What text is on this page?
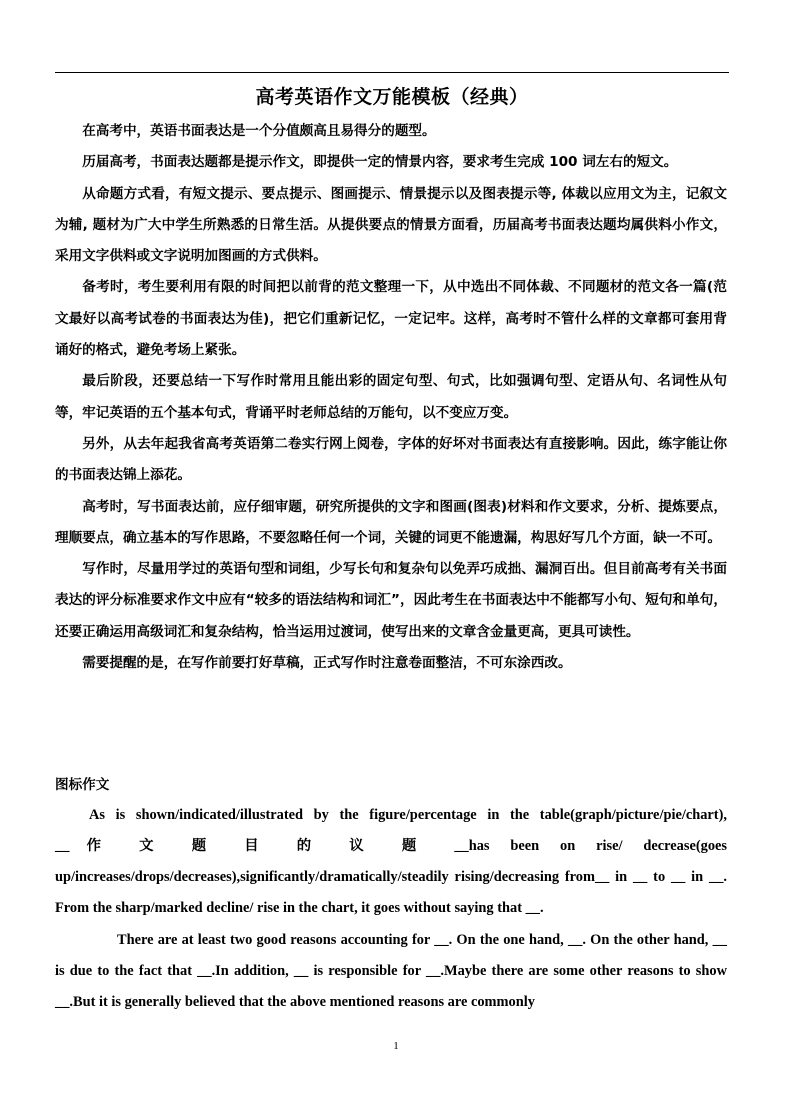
高考英语作文万能模板（经典）

在高考中，英语书面表达是一个分值颇高且易得分的题型。

历届高考，书面表达题都是提示作文，即提供一定的情景内容，要求考生完成 100 词左右的短文。

从命题方式看，有短文提示、要点提示、图画提示、情景提示以及图表提示等, 体裁以应用文为主，记叙文为辅, 题材为广大中学生所熟悉的日常生活。从提供要点的情景方面看，历届高考书面表达题均属供料小作文，采用文字供料或文字说明加图画的方式供料。

备考时，考生要利用有限的时间把以前背的范文整理一下，从中选出不同体裁、不同题材的范文各一篇(范文最好以高考试卷的书面表达为佳)，把它们重新记忆，一定记牢。这样，高考时不管什么样的文章都可套用背诵好的格式，避免考场上紧张。

最后阶段，还要总结一下写作时常用且能出彩的固定句型、句式，比如强调句型、定语从句、名词性从句等，牢记英语的五个基本句式，背诵平时老师总结的万能句，以不变应万变。

另外，从去年起我省高考英语第二卷实行网上阅卷，字体的好坏对书面表达有直接影响。因此，练字能让你的书面表达锦上添花。

高考时，写书面表达前，应仔细审题，研究所提供的文字和图画(图表)材料和作文要求，分析、提炼要点，理顺要点，确立基本的写作思路，不要忽略任何一个词，关键的词更不能遗漏，构思好写几个方面，缺一不可。

写作时，尽量用学过的英语句型和词组，少写长句和复杂句以免弄巧成拙、漏洞百出。但目前高考有关书面表达的评分标准要求作文中应有“较多的语法结构和词汇”，因此考生在书面表达中不能都写小句、短句和单句，还要正确运用高级词汇和复杂结构，恰当运用过渡词，使写出来的文章含金量更高，更具可读性。

需要提醒的是，在写作前要打好草稿，正式写作时注意卷面整洁，不可东涂西改。

图标作文

As is shown/indicated/illustrated by the figure/percentage in the table(graph/picture/pie/chart),
__作 文 题 目 的 议 题 __has been on rise/ decrease(goes
up/increases/drops/decreases),significantly/dramatically/steadily rising/decreasing from__ in __ to __ in __. From the sharp/marked decline/ rise in the chart, it goes without saying that __.

There are at least two good reasons accounting for __. On the one hand, __. On the other hand, __ is due to the fact that __.In addition, __ is responsible for __.Maybe there are some other reasons to show __.But it is generally believed that the above mentioned reasons are commonly

1
